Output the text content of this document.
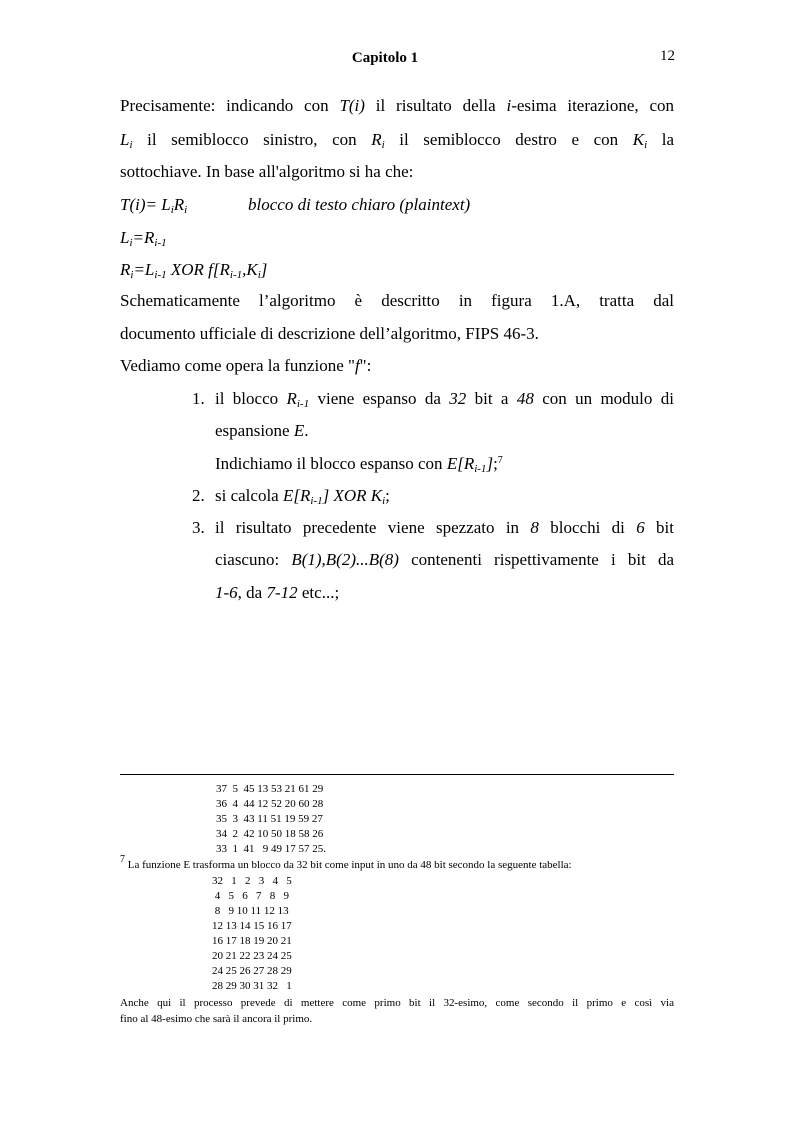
Capitolo 1	12
Precisamente: indicando con T(i) il risultato della i-esima iterazione, con
$L_i$ il semiblocco sinistro, con $R_i$ il semiblocco destro e con $K_i$ la
sottochiave. In base all'algoritmo si ha che:
$T(i)= L_iR_i$	blocco di testo chiaro (plaintext)
$L_i=R_{i-1}$
$R_i=L_{i-1}$ XOR $f[R_{i-1},K_i]$
Schematicamente l’algoritmo è descritto in figura 1.A, tratta dal
documento ufficiale di descrizione dell’algoritmo, FIPS 46-3.
Vediamo come opera la funzione "f":
1. il blocco $R_{i-1}$ viene espanso da 32 bit a 48 con un modulo di
espansione E.
Indichiamo il blocco espanso con $E[R_{i-1}];^7$
2. si calcola $E[R_{i-1}]$ XOR $K_i$;
3. il risultato precedente viene spezzato in 8 blocchi di 6 bit
ciascuno: B(1),B(2)...B(8) contenenti rispettivamente i bit da
1-6, da 7-12 etc...;
37  5  45 13 53 21 61 29
36  4  44 12 52 20 60 28
35  3  43 11 51 19 59 27
34  2  42 10 50 18 58 26
33  1  41   9 49 17 57 25.
$^7$ La funzione E trasforma un blocco da 32 bit come input in uno da 48 bit secondo la seguente tabella:
32   1   2   3   4   5
4   5   6   7   8   9
8   9 10 11 12 13
12 13 14 15 16 17
16 17 18 19 20 21
20 21 22 23 24 25
24 25 26 27 28 29
28 29 30 31 32   1
Anche qui il processo prevede di mettere come primo bit il 32-esimo, come secondo il primo e così via
fino al 48-esimo che sarà il ancora il primo.
